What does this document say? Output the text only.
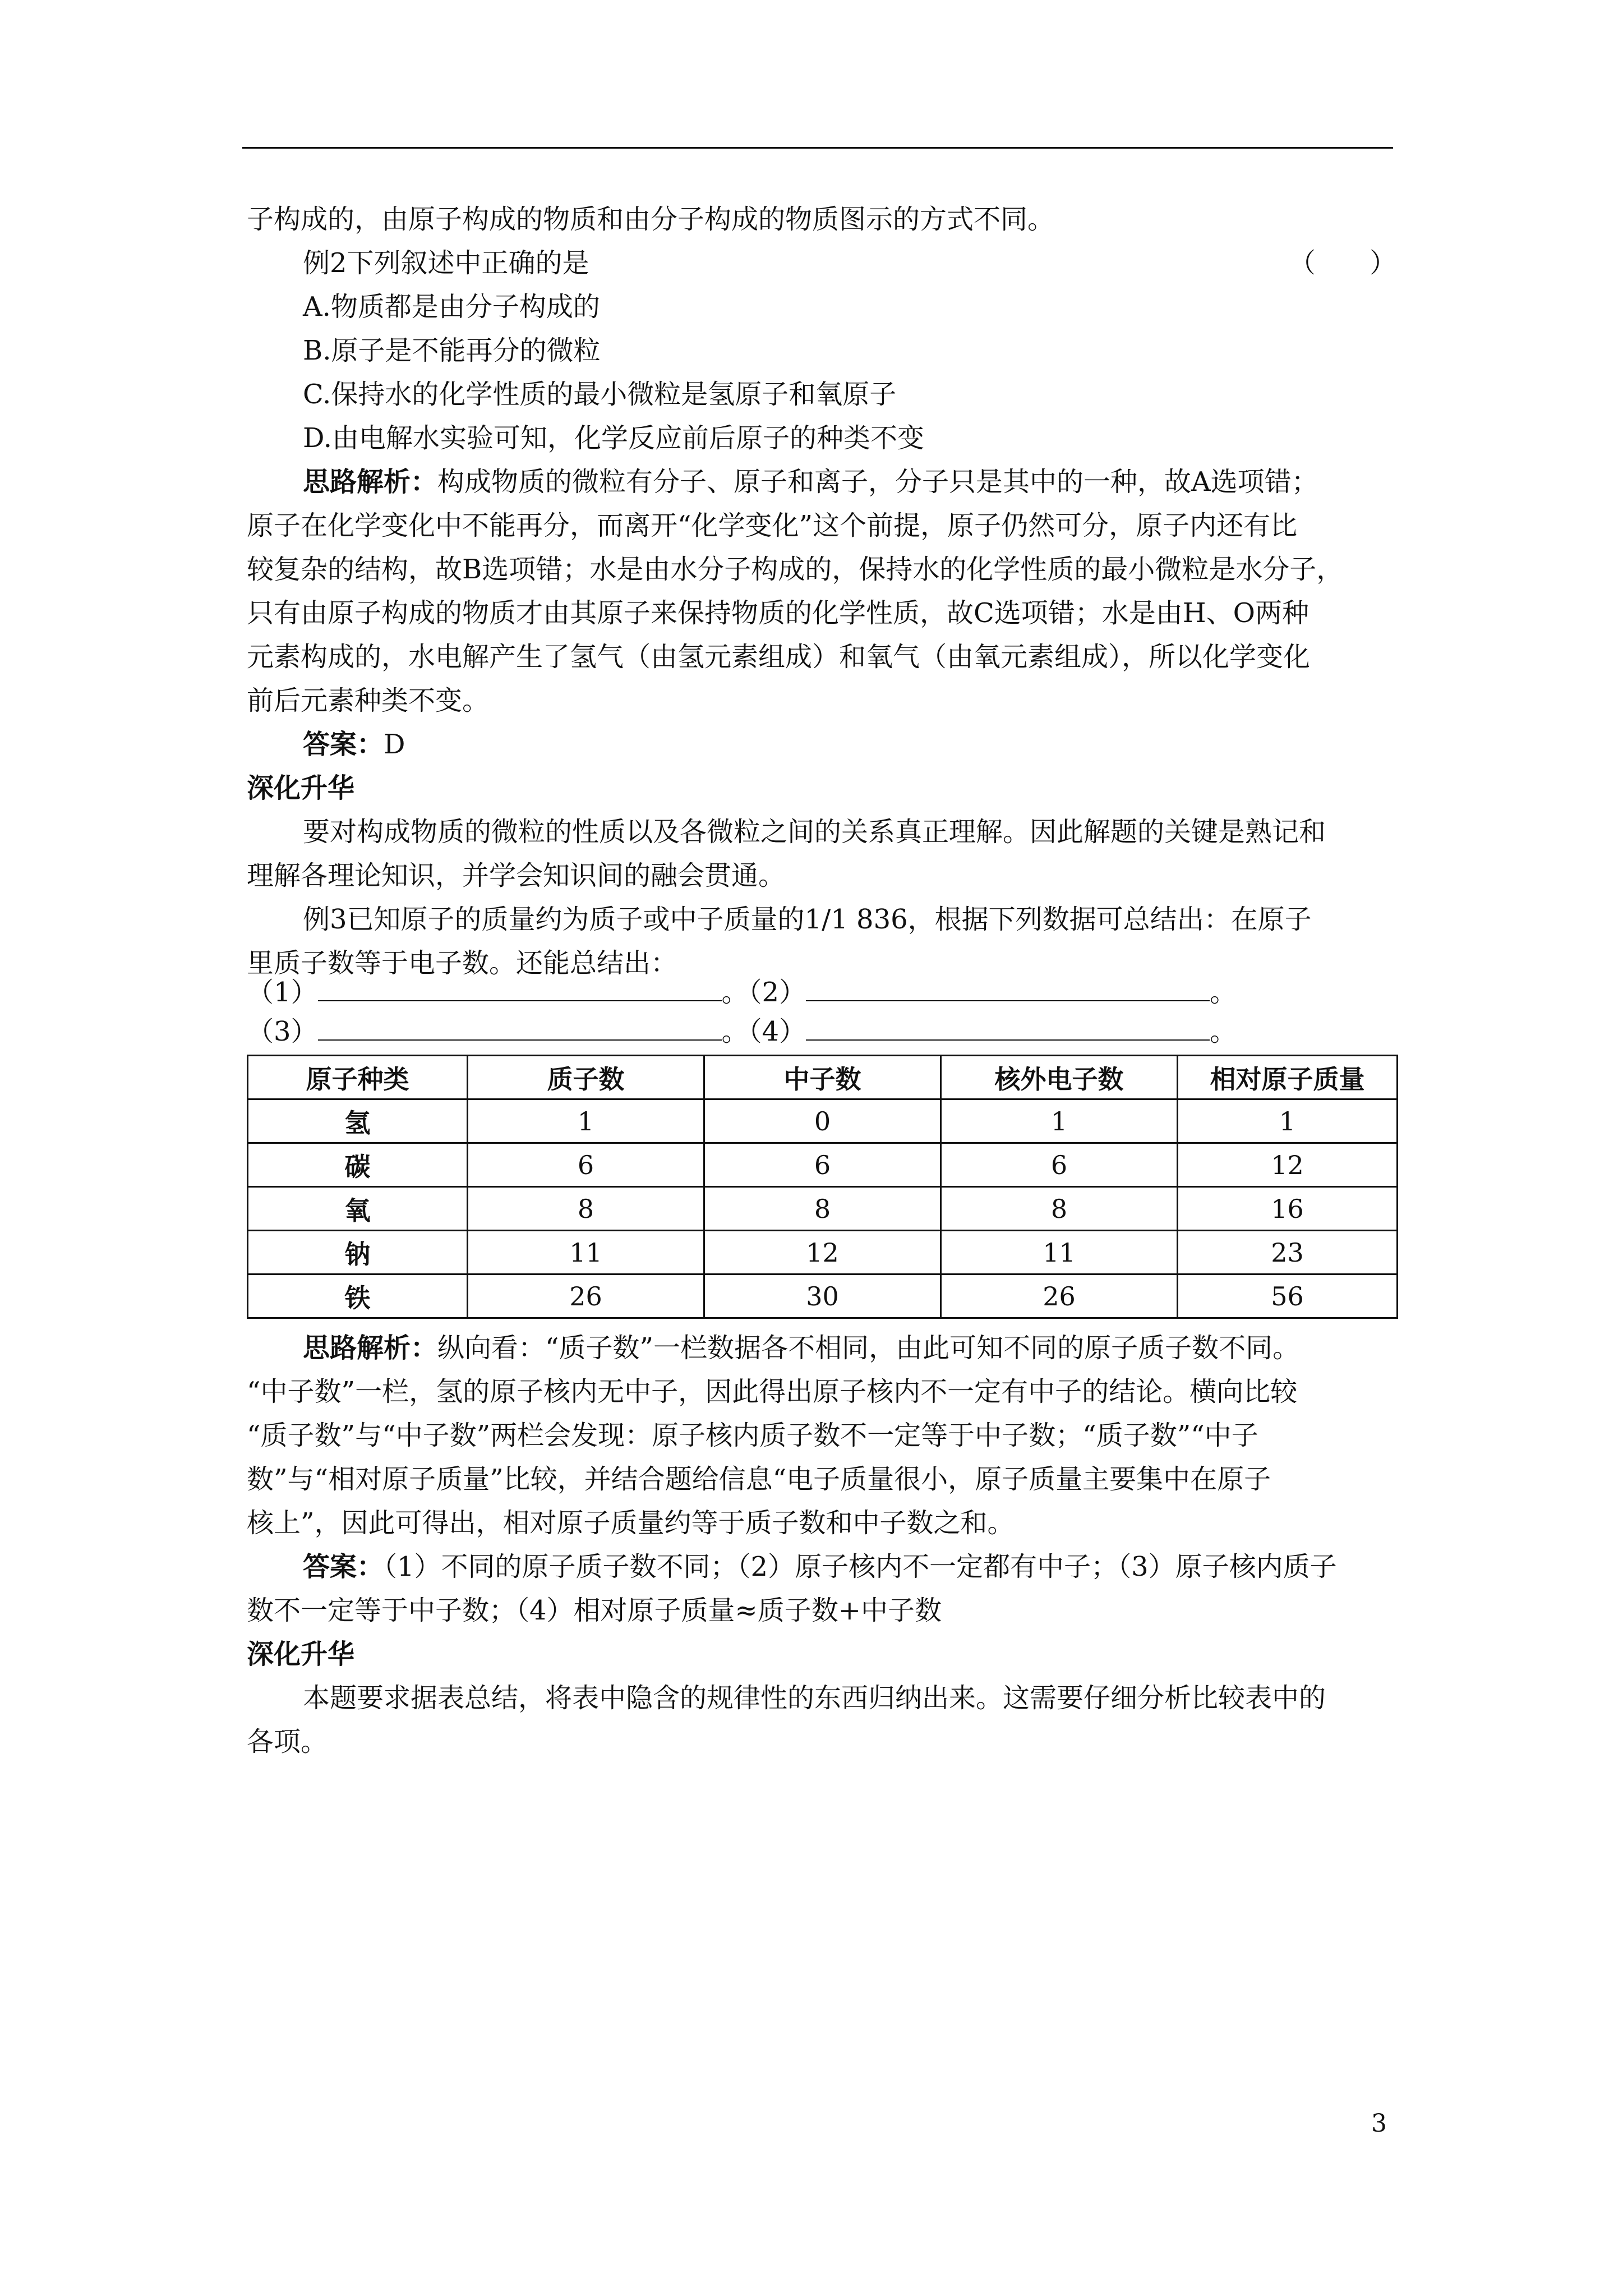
子构成的，由原子构成的物质和由分子构成的物质图示的方式不同。
例2下列叙述中正确的是	（　　）
A.物质都是由分子构成的
B.原子是不能再分的微粒
C.保持水的化学性质的最小微粒是氢原子和氧原子
D.由电解水实验可知，化学反应前后原子的种类不变
思路解析：构成物质的微粒有分子、原子和离子，分子只是其中的一种，故A选项错；
原子在化学变化中不能再分，而离开“化学变化”这个前提，原子仍然可分，原子内还有比
较复杂的结构，故B选项错；水是由水分子构成的，保持水的化学性质的最小微粒是水分子，
只有由原子构成的物质才由其原子来保持物质的化学性质，故C选项错；水是由H、O两种
元素构成的，水电解产生了氢气（由氢元素组成）和氧气（由氧元素组成），所以化学变化
前后元素种类不变。
答案：D
深化升华
要对构成物质的微粒的性质以及各微粒之间的关系真正理解。因此解题的关键是熟记和
理解各理论知识，并学会知识间的融会贯通。
例3已知原子的质量约为质子或中子质量的1/1 836，根据下列数据可总结出：在原子
里质子数等于电子数。还能总结出：
（1）	。（2）	。
（3）	。（4）	。
原子种类	质子数	中子数	核外电子数	相对原子质量
氢	1	0	1	1
碳	6	6	6	12
氧	8	8	8	16
钠	11	12	11	23
铁	26	30	26	56
思路解析：纵向看：“质子数”一栏数据各不相同，由此可知不同的原子质子数不同。
“中子数”一栏，氢的原子核内无中子，因此得出原子核内不一定有中子的结论。横向比较
“质子数”与“中子数”两栏会发现：原子核内质子数不一定等于中子数；“质子数”“中子
数”与“相对原子质量”比较，并结合题给信息“电子质量很小，原子质量主要集中在原子
核上”，因此可得出，相对原子质量约等于质子数和中子数之和。
答案：（1）不同的原子质子数不同；（2）原子核内不一定都有中子；（3）原子核内质子
数不一定等于中子数；（4）相对原子质量≈质子数+中子数
深化升华
本题要求据表总结，将表中隐含的规律性的东西归纳出来。这需要仔细分析比较表中的
各项。
3
